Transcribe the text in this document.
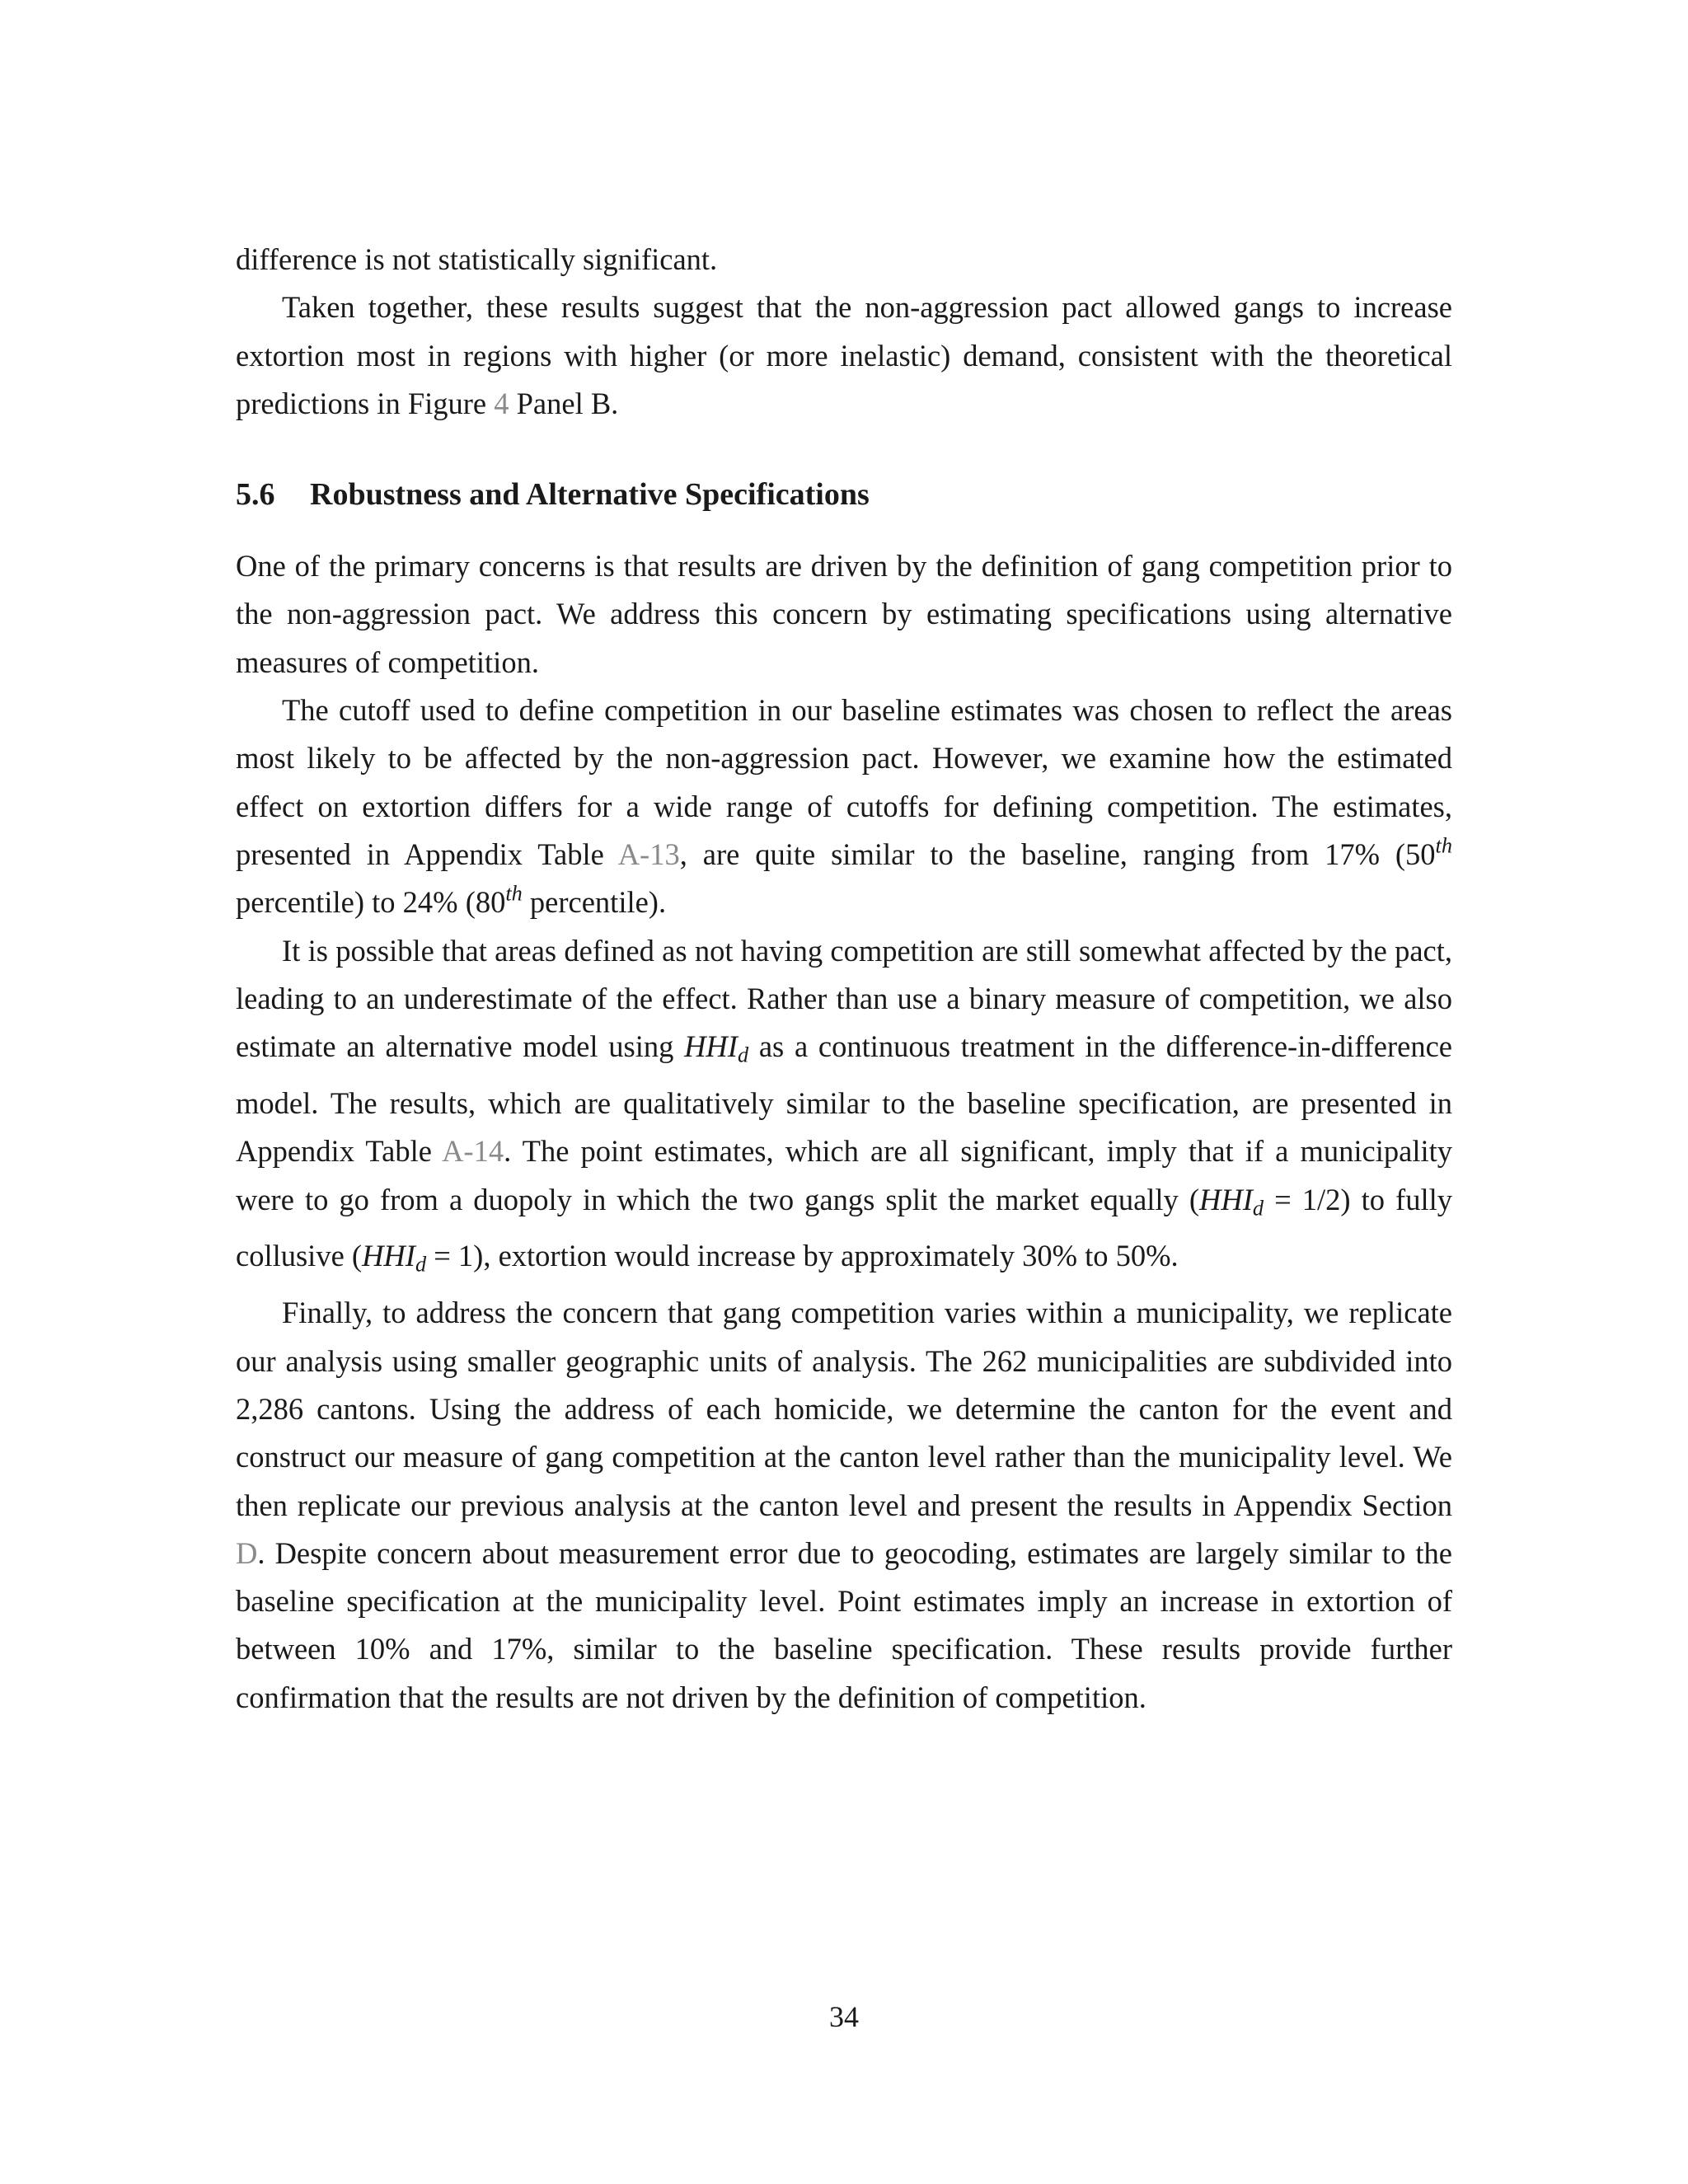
difference is not statistically significant.

Taken together, these results suggest that the non-aggression pact allowed gangs to increase extortion most in regions with higher (or more inelastic) demand, consistent with the theoretical predictions in Figure 4 Panel B.

5.6 Robustness and Alternative Specifications

One of the primary concerns is that results are driven by the definition of gang competition prior to the non-aggression pact. We address this concern by estimating specifications using alternative measures of competition.

The cutoff used to define competition in our baseline estimates was chosen to reflect the areas most likely to be affected by the non-aggression pact. However, we examine how the estimated effect on extortion differs for a wide range of cutoffs for defining competition. The estimates, presented in Appendix Table A-13, are quite similar to the baseline, ranging from 17% (50th percentile) to 24% (80th percentile).

It is possible that areas defined as not having competition are still somewhat affected by the pact, leading to an underestimate of the effect. Rather than use a binary measure of competition, we also estimate an alternative model using $HHI_d$ as a continuous treatment in the difference-in-difference model. The results, which are qualitatively similar to the baseline specification, are presented in Appendix Table A-14. The point estimates, which are all significant, imply that if a municipality were to go from a duopoly in which the two gangs split the market equally $(HHI_d = 1/2)$ to fully collusive $(HHI_d = 1)$, extortion would increase by approximately 30% to 50%.

Finally, to address the concern that gang competition varies within a municipality, we replicate our analysis using smaller geographic units of analysis. The 262 municipalities are subdivided into 2,286 cantons. Using the address of each homicide, we determine the canton for the event and construct our measure of gang competition at the canton level rather than the municipality level. We then replicate our previous analysis at the canton level and present the results in Appendix Section D. Despite concern about measurement error due to geocoding, estimates are largely similar to the baseline specification at the municipality level. Point estimates imply an increase in extortion of between 10% and 17%, similar to the baseline specification. These results provide further confirmation that the results are not driven by the definition of competition.

34
